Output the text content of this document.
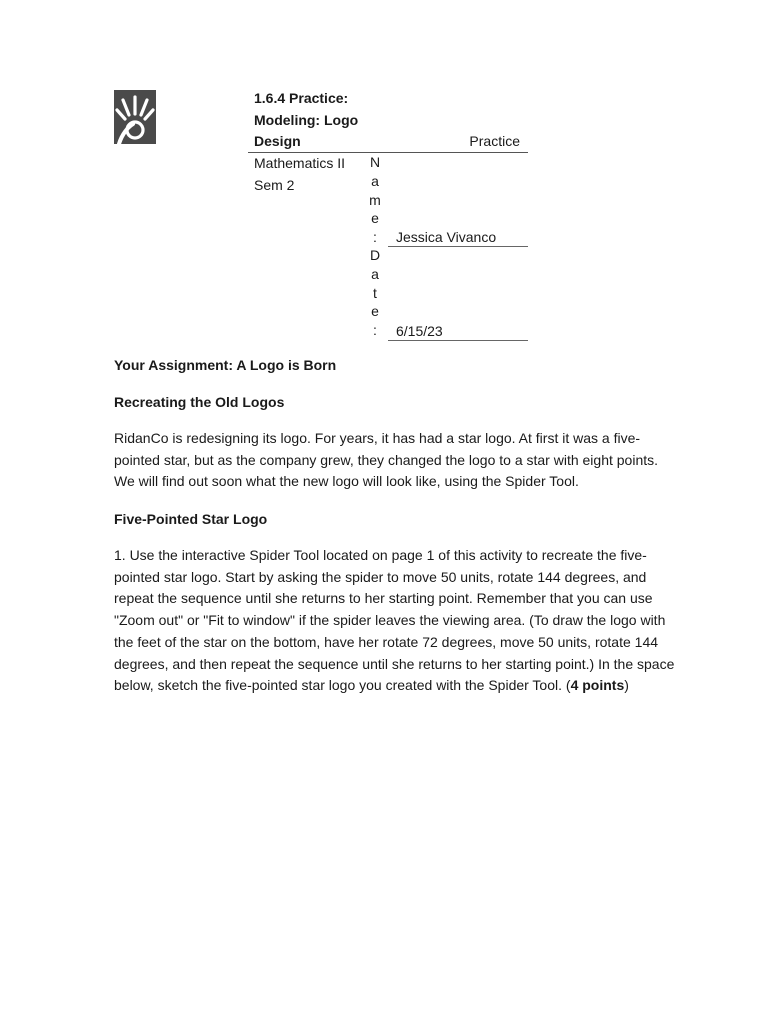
1.6.4 Practice: Modeling: Logo Design	Practice
Mathematics II Sem 2
N
a
m
e
:	Jessica Vivanco
D
a
t
e
:	6/15/23
Your Assignment: A Logo is Born
Recreating the Old Logos
RidanCo is redesigning its logo. For years, it has had a star logo. At first it was a five-pointed star, but as the company grew, they changed the logo to a star with eight points. We will find out soon what the new logo will look like, using the Spider Tool.
Five-Pointed Star Logo
1. Use the interactive Spider Tool located on page 1 of this activity to recreate the five-pointed star logo. Start by asking the spider to move 50 units, rotate 144 degrees, and repeat the sequence until she returns to her starting point. Remember that you can use "Zoom out" or "Fit to window" if the spider leaves the viewing area. (To draw the logo with the feet of the star on the bottom, have her rotate 72 degrees, move 50 units, rotate 144 degrees, and then repeat the sequence until she returns to her starting point.) In the space below, sketch the five-pointed star logo you created with the Spider Tool. (4 points)
